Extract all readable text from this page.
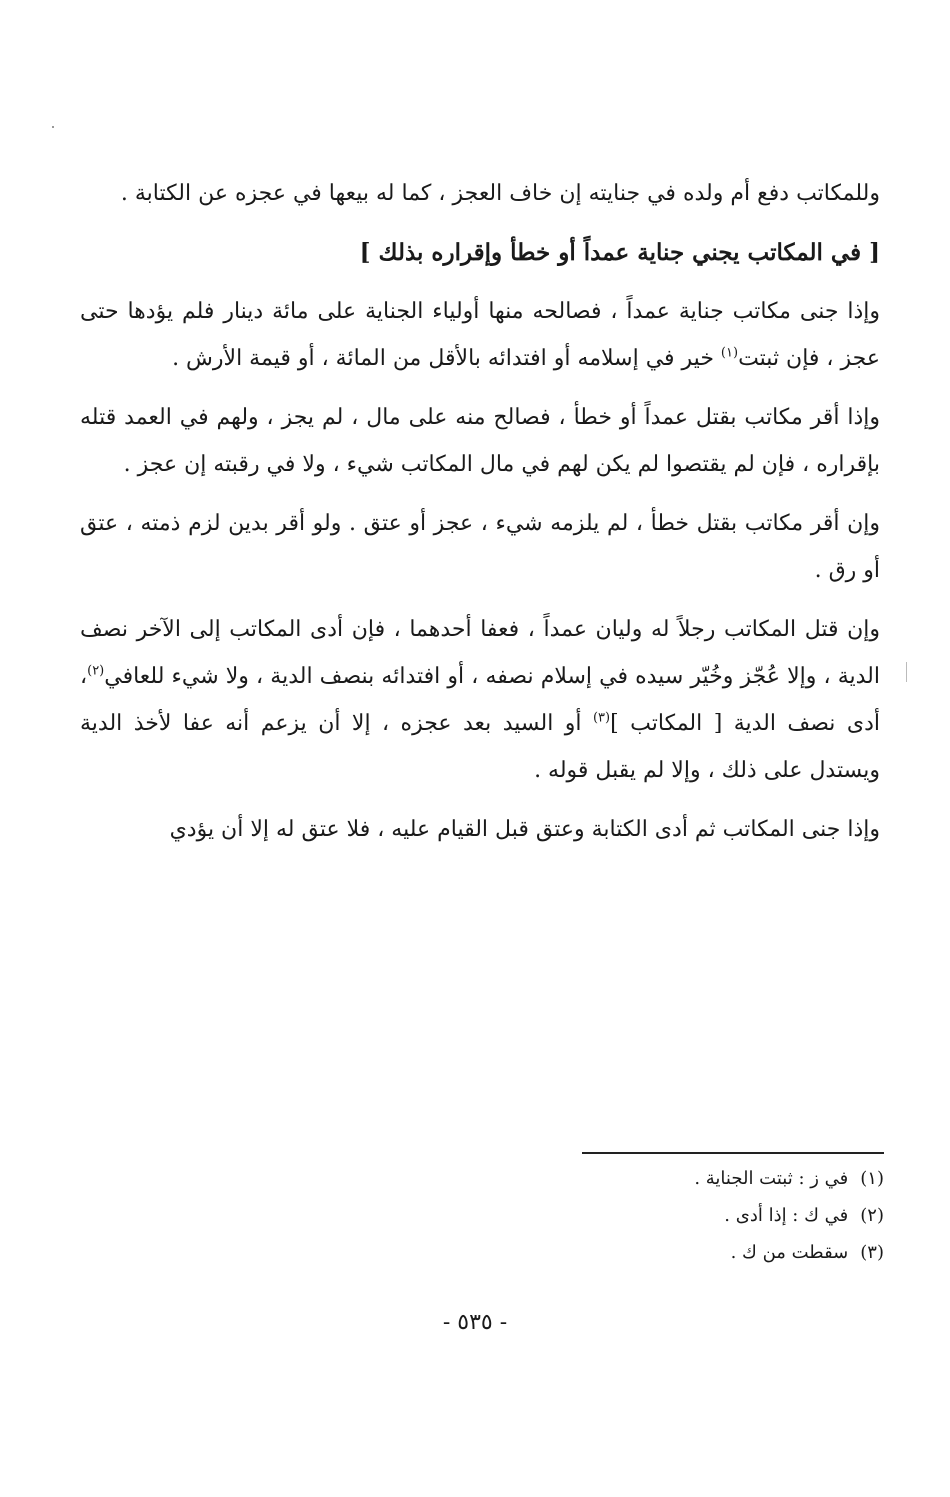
وللمكاتب دفع أم ولده في جنايته إن خاف العجز ، كما له بيعها في عجزه عن الكتابة .

[ في المكاتب يجني جناية عمداً أو خطأ وإقراره بذلك ]

وإذا جنى مكاتب جناية عمداً ، فصالحه منها أولياء الجناية على مائة دينار فلم يؤدها حتى عجز ، فإن ثبتت$^{(١)}$ خير في إسلامه أو افتدائه بالأقل من المائة ، أو قيمة الأرش .

وإذا أقر مكاتب بقتل عمداً أو خطأ ، فصالح منه على مال ، لم يجز ، ولهم في العمد قتله بإقراره ، فإن لم يقتصوا لم يكن لهم في مال المكاتب شيء ، ولا في رقبته إن عجز .

وإن أقر مكاتب بقتل خطأ ، لم يلزمه شيء ، عجز أو عتق . ولو أقر بدين لزم ذمته ، عتق أو رق .

وإن قتل المكاتب رجلاً له وليان عمداً ، فعفا أحدهما ، فإن أدى المكاتب إلى الآخر نصف الدية ، وإلا عُجّز وخُيّر سيده في إسلام نصفه ، أو افتدائه بنصف الدية ، ولا شيء للعافي$^{(٢)}$، أدى نصف الدية [ المكاتب ]$^{(٣)}$ أو السيد بعد عجزه ، إلا أن يزعم أنه عفا لأخذ الدية ويستدل على ذلك ، وإلا لم يقبل قوله .

وإذا جنى المكاتب ثم أدى الكتابة وعتق قبل القيام عليه ، فلا عتق له إلا أن يؤدي

(١)في ز : ثبتت الجناية .

(٢)في ك : إذا أدى .

(٣)سقطت من ك .

- ٥٣٥ -
